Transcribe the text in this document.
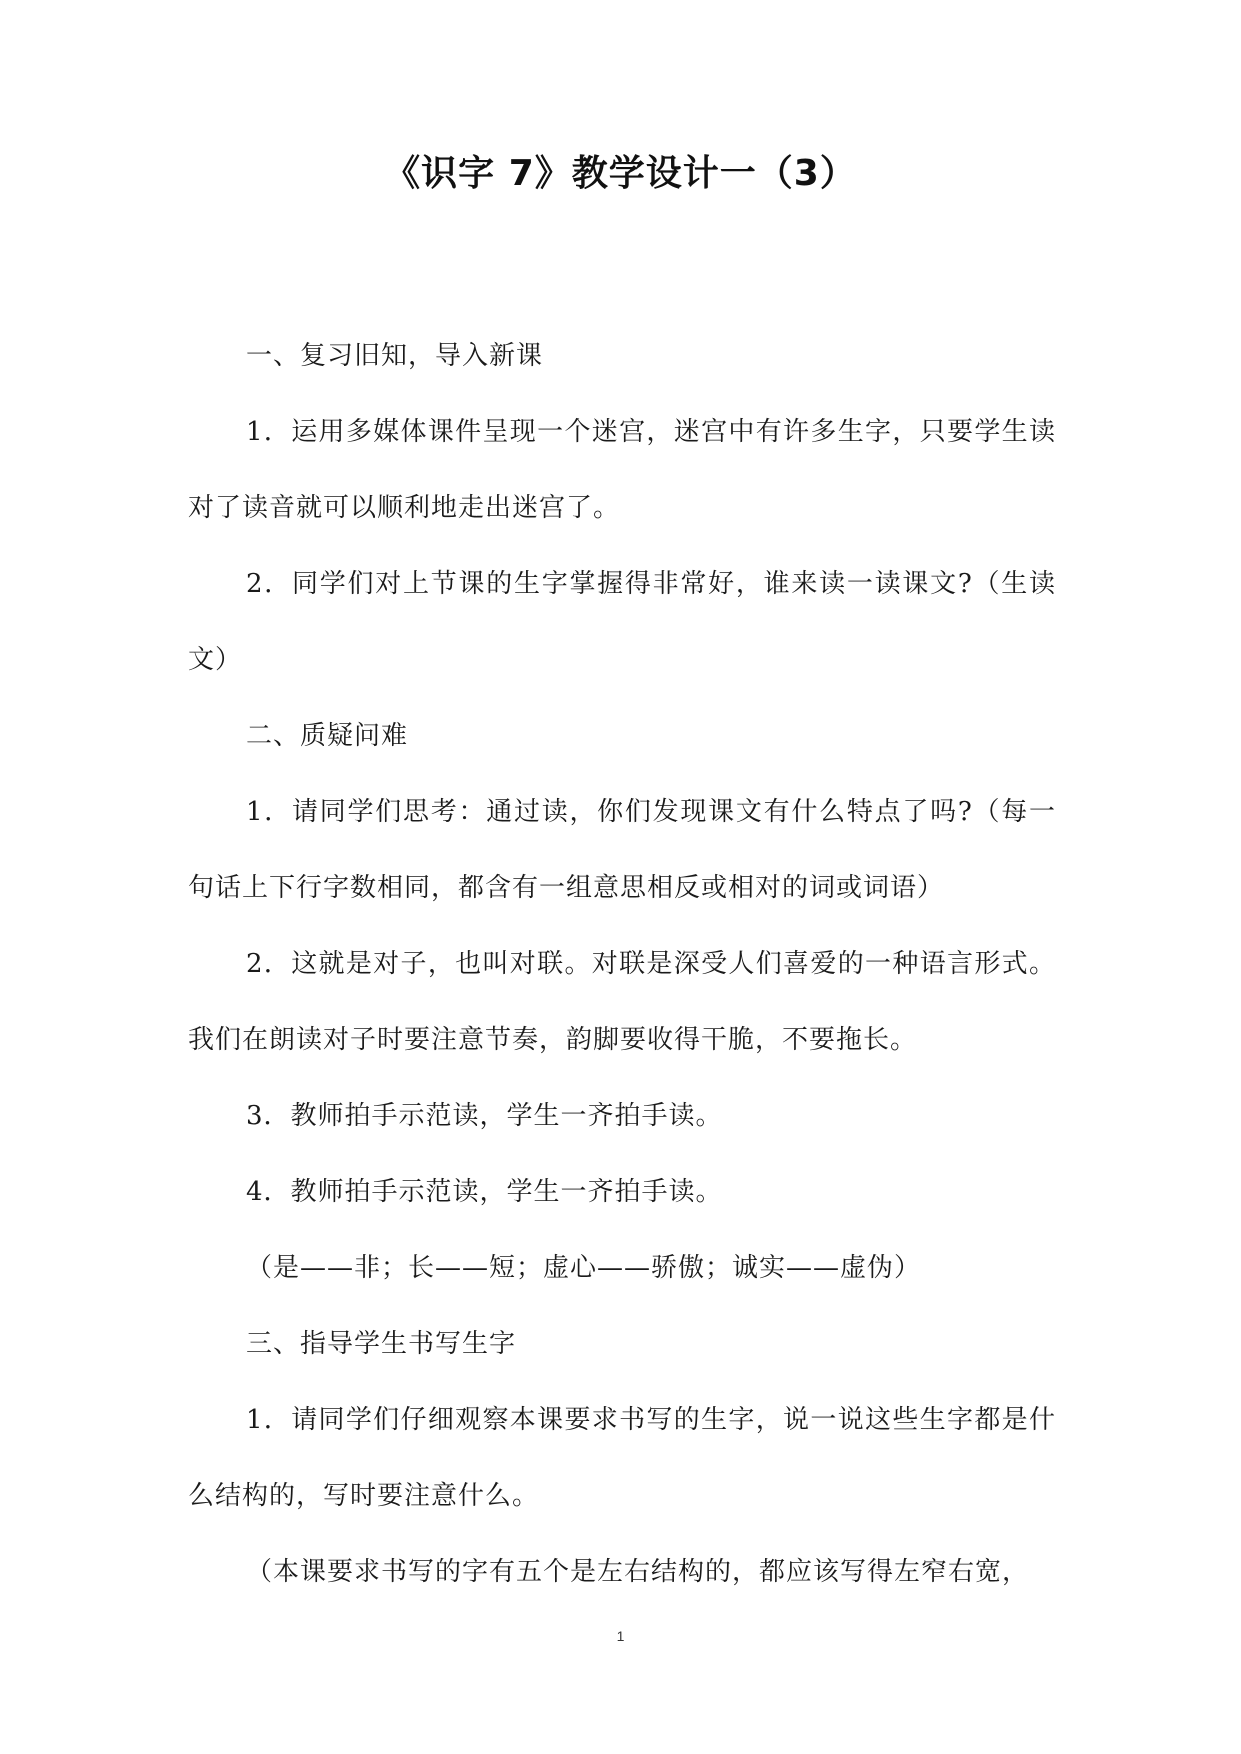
《识字 7》教学设计一（3）

一、复习旧知，导入新课

1．运用多媒体课件呈现一个迷宫，迷宫中有许多生字，只要学生读对了读音就可以顺利地走出迷宫了。

2．同学们对上节课的生字掌握得非常好，谁来读一读课文?（生读文）

二、质疑问难

1．请同学们思考：通过读，你们发现课文有什么特点了吗?（每一句话上下行字数相同，都含有一组意思相反或相对的词或词语）

2．这就是对子，也叫对联。对联是深受人们喜爱的一种语言形式。我们在朗读对子时要注意节奏，韵脚要收得干脆，不要拖长。

3．教师拍手示范读，学生一齐拍手读。

4．教师拍手示范读，学生一齐拍手读。

（是——非；长——短；虚心——骄傲；诚实——虚伪）

三、指导学生书写生字

1．请同学们仔细观察本课要求书写的生字，说一说这些生字都是什么结构的，写时要注意什么。

（本课要求书写的字有五个是左右结构的，都应该写得左窄右宽，

1
